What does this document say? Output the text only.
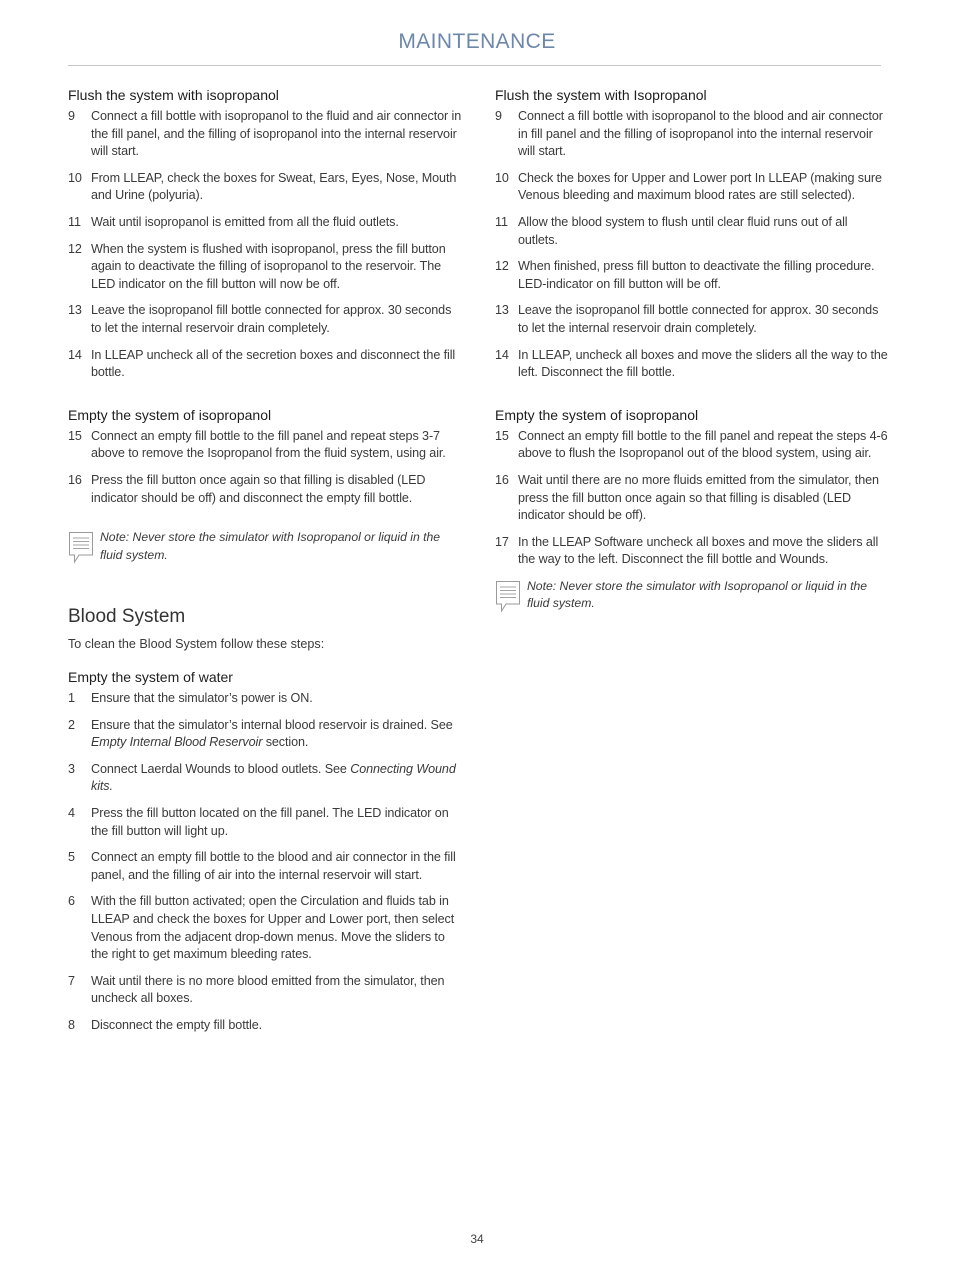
MAINTENANCE
Flush the system with isopropanol
9	Connect a fill bottle with isopropanol to the fluid and air connector in the fill panel, and the filling of isopropanol into the internal reservoir will start.
10 From LLEAP, check the boxes for Sweat, Ears, Eyes, Nose, Mouth and Urine (polyuria).
11 Wait until isopropanol is emitted from all the fluid outlets.
12 When the system is flushed with isopropanol, press the fill button again to deactivate the filling of isopropanol to the reservoir. The LED indicator on the fill button will now be off.
13 Leave the isopropanol fill bottle connected for approx. 30 seconds to let the internal reservoir drain completely.
14 In LLEAP uncheck all of the secretion boxes and disconnect the fill bottle.
Empty the system of isopropanol
15 Connect an empty fill bottle to the fill panel and repeat steps 3-7 above to remove the Isopropanol from the fluid system, using air.
16 Press the fill button once again so that filling is disabled (LED indicator should be off) and disconnect the empty fill bottle.
Note: Never store the simulator with Isopropanol or liquid in the fluid system.
Blood System
To clean the Blood System follow these steps:
Empty the system of water
1	Ensure that the simulator’s power is ON.
2	Ensure that the simulator’s internal blood reservoir is drained. See Empty Internal Blood Reservoir section.
3	Connect Laerdal Wounds to blood outlets. See Connecting Wound kits.
4	Press the fill button located on the fill panel. The LED indicator on the fill button will light up.
5	Connect an empty fill bottle to the blood and air connector in the fill panel, and the filling of air into the internal reservoir will start.
6	With the fill button activated; open the Circulation and fluids tab in LLEAP and check the boxes for Upper and Lower port, then select Venous from the adjacent drop-down menus. Move the sliders to the right to get maximum bleeding rates.
7	Wait until there is no more blood emitted from the simulator, then uncheck all boxes.
8	Disconnect the empty fill bottle.
Flush the system with Isopropanol
9	Connect a fill bottle with isopropanol to the blood and air connector in fill panel and the filling of isopropanol into the internal reservoir will start.
10 Check the boxes for Upper and Lower port In LLEAP (making sure Venous bleeding and maximum blood rates are still selected).
11 Allow the blood system to flush until clear fluid runs out of all outlets.
12 When finished, press fill button to deactivate the filling procedure. LED-indicator on fill button will be off.
13 Leave the isopropanol fill bottle connected for approx. 30 seconds to let the internal reservoir drain completely.
14 In LLEAP, uncheck all boxes and move the sliders all the way to the left. Disconnect the fill bottle.
Empty the system of isopropanol
15 Connect an empty fill bottle to the fill panel and repeat the steps 4-6 above to flush the Isopropanol out of the blood system, using air.
16 Wait until there are no more fluids emitted from the simulator, then press the fill button once again so that filling is disabled (LED indicator should be off).
17 In the LLEAP Software uncheck all boxes and move the sliders all the way to the left. Disconnect the fill bottle and Wounds.
Note: Never store the simulator with Isopropanol or liquid in the fluid system.
34
